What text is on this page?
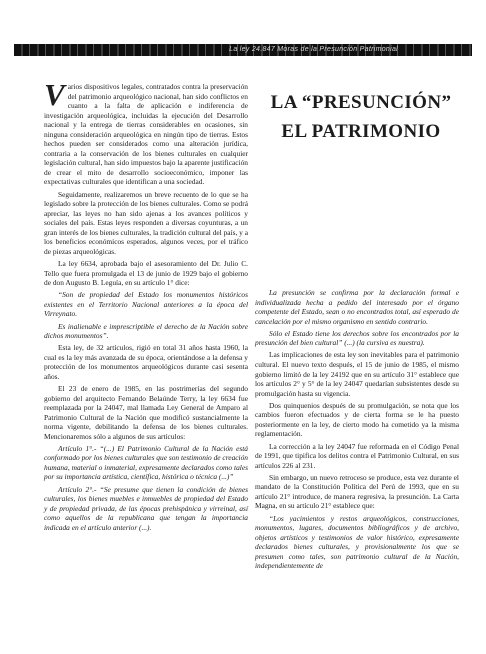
La ley 24.847 Moras de la Presunción Patrimonial
LA “PRESUNCIÓN”
EL PATRIMONIO

Varios dispositivos legales, contratados contra la preservación del patrimonio arqueológico nacional, han sido conflictos en cuanto a la falta de aplicación e indiferencia de investigación arqueológica, incluidas la ejecución del Desarrollo nacional y la entrega de tierras considerables en ocasiones, sin ninguna consideración arqueológica en ningún tipo de tierras. Estos hechos pueden ser considerados como una alteración jurídica, contraria a la conservación de los bienes culturales en cualquier legislación cultural, han sido impuestos bajo la aparente justificación de crear el mito de desarrollo socioeconómico, imponer las expectativas culturales que identifican a una sociedad.

Seguidamente, realizaremos un breve recuento de lo que se ha legislado sobre la protección de los bienes culturales. Como se podrá apreciar, las leyes no han sido ajenas a los avances políticos y sociales del país. Estas leyes responden a diversas coyunturas, a un gran interés de los bienes culturales, la tradición cultural del país, y a los beneficios económicos esperados, algunos veces, por el tráfico de piezas arqueológicas.

La ley 6634, aprobada bajo el asesoramiento del Dr. Julio C. Tello que fuera promulgada el 13 de junio de 1929 bajo el gobierno de don Augusto B. Leguía, en su artículo 1° dice:

“Son de propiedad del Estado los monumentos históricos existentes en el Territorio Nacional anteriores a la época del Virreynato.

Es inalienable e imprescriptible el derecho de la Nación sobre dichos monumentos”.

Esta ley, de 32 artículos, rigió en total 31 años hasta 1960, la cual es la ley más avanzada de su época, orientándose a la defensa y protección de los monumentos arqueológicos durante casi sesenta años.

El 23 de enero de 1985, en las postrimerías del segundo gobierno del arquitecto Fernando Belaúnde Terry, la ley 6634 fue reemplazada por la 24047, mal llamada Ley General de Amparo al Patrimonio Cultural de la Nación que modificó sustancialmente la norma vigente, debilitando la defensa de los bienes culturales. Mencionaremos sólo a algunos de sus artículos:

Artículo 1°.- “(...) El Patrimonio Cultural de la Nación está conformado por los bienes culturales que son testimonio de creación humana, material o inmaterial, expresamente declarados como tales por su importancia artística, científica, histórica o técnica (...)”

Artículo 2°.- “Se presume que tienen la condición de bienes culturales, los bienes muebles e inmuebles de propiedad del Estado y de propiedad privada, de las épocas prehispánica y virreinal, así como aquellos de la republicana que tengan la importancia indicada en el artículo anterior (...).

La presunción se confirma por la declaración formal e individualizada hecha a pedido del interesado por el órgano competente del Estado, sean o no encontrados total, así esperado de cancelación por el mismo organismo en sentido contrario.

Sólo el Estado tiene los derechos sobre los encontrados por la presunción del bien cultural” (...) (la cursiva es nuestra).

Las implicaciones de esta ley son inevitables para el patrimonio cultural. El nuevo texto después, el 15 de junio de 1985, el mismo gobierno limitó de la ley 24192 que en su artículo 31° establece que los artículos 2° y 5° de la ley 24047 quedarían subsistentes desde su promulgación hasta su vigencia.

Dos quinquenios después de su promulgación, se nota que los cambios fueron efectuados y de cierta forma se le ha puesto posteriormente en la ley, de cierto modo ha cometido ya la misma reglamentación.

La corrección a la ley 24047 fue reformada en el Código Penal de 1991, que tipifica los delitos contra el Patrimonio Cultural, en sus artículos 226 al 231.

Sin embargo, un nuevo retroceso se produce, esta vez durante el mandato de la Constitución Política del Perú de 1993, que en su artículo 21° introduce, de manera regresiva, la presunción. La Carta Magna, en su artículo 21° establece que:

“Los yacimientos y restos arqueológicos, construcciones, monumentos, lugares, documentos bibliográficos y de archivo, objetos artísticos y testimonios de valor histórico, expresamente declarados bienes culturales, y provisionalmente los que se presumen como tales, son patrimonio cultural de la Nación, independientemente de
